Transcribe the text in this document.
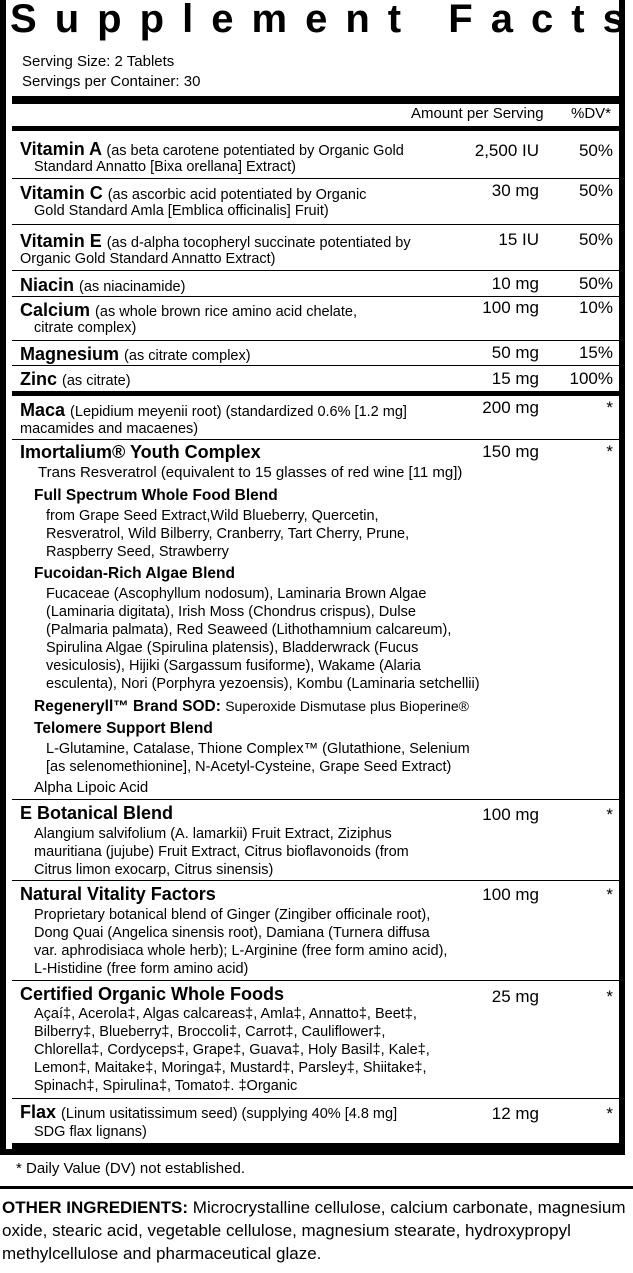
S u p p l e m e n t
F a c t s
Serving Size: 2 Tablets
Servings per Container: 30
Amount per Serving %DV*
Vitamin A (as beta carotene potentiated by Organic Gold
Standard Annatto [Bixa orellana] Extract)
2,500 IU	50%
Vitamin C (as ascorbic acid potentiated by Organic
Gold Standard Amla [Emblica officinalis] Fruit)
30 mg	50%
Vitamin E (as d-alpha tocopheryl succinate potentiated by
Organic Gold Standard Annatto Extract)
15 IU	50%
Niacin (as niacinamide)	10 mg	50%
Calcium (as whole brown rice amino acid chelate,
citrate complex)
100 mg	10%
Magnesium (as citrate complex)	50 mg	15%
Zinc (as citrate)	15 mg	100%
Maca (Lepidium meyenii root) (standardized 0.6% [1.2 mg]
macamides and macaenes)
200 mg	*
Imortalium® Youth Complex	150 mg	*
Trans Resveratrol (equivalent to 15 glasses of red wine [11 mg])
Full Spectrum Whole Food Blend
from Grape Seed Extract,Wild Blueberry, Quercetin,
Resveratrol, Wild Bilberry, Cranberry, Tart Cherry, Prune,
Raspberry Seed, Strawberry
Fucoidan-Rich Algae Blend
Fucaceae (Ascophyllum nodosum), Laminaria Brown Algae
(Laminaria digitata), Irish Moss (Chondrus crispus), Dulse
(Palmaria palmata), Red Seaweed (Lithothamnium calcareum),
Spirulina Algae (Spirulina platensis), Bladderwrack (Fucus
vesiculosis), Hijiki (Sargassum fusiforme), Wakame (Alaria
esculenta), Nori (Porphyra yezoensis), Kombu (Laminaria setchellii)
Regeneryll™ Brand SOD: Superoxide Dismutase plus Bioperine®
Telomere Support Blend
L-Glutamine, Catalase, Thione Complex™ (Glutathione, Selenium
[as selenomethionine], N-Acetyl-Cysteine, Grape Seed Extract)
Alpha Lipoic Acid
E Botanical Blend	100 mg	*
Alangium salvifolium (A. lamarkii) Fruit Extract, Ziziphus
mauritiana (jujube) Fruit Extract, Citrus bioflavonoids (from
Citrus limon exocarp, Citrus sinensis)
Natural Vitality Factors	100 mg	*
Proprietary botanical blend of Ginger (Zingiber officinale root),
Dong Quai (Angelica sinensis root), Damiana (Turnera diffusa
var. aphrodisiaca whole herb); L-Arginine (free form amino acid),
L-Histidine (free form amino acid)
Certified Organic Whole Foods	25 mg	*
Açaí‡, Acerola‡, Algas calcareas‡, Amla‡, Annatto‡, Beet‡,
Bilberry‡, Blueberry‡, Broccoli‡, Carrot‡, Cauliflower‡,
Chlorella‡, Cordyceps‡, Grape‡, Guava‡, Holy Basil‡, Kale‡,
Lemon‡, Maitake‡, Moringa‡, Mustard‡, Parsley‡, Shiitake‡,
Spinach‡, Spirulina‡, Tomato‡. ‡Organic
Flax (Linum usitatissimum seed) (supplying 40% [4.8 mg]
SDG flax lignans)
12 mg	*
* Daily Value (DV) not established.
OTHER INGREDIENTS: Microcrystalline cellulose, calcium carbonate, magnesium oxide, stearic acid, vegetable cellulose, magnesium stearate, hydroxypropyl methylcellulose and pharmaceutical glaze.
